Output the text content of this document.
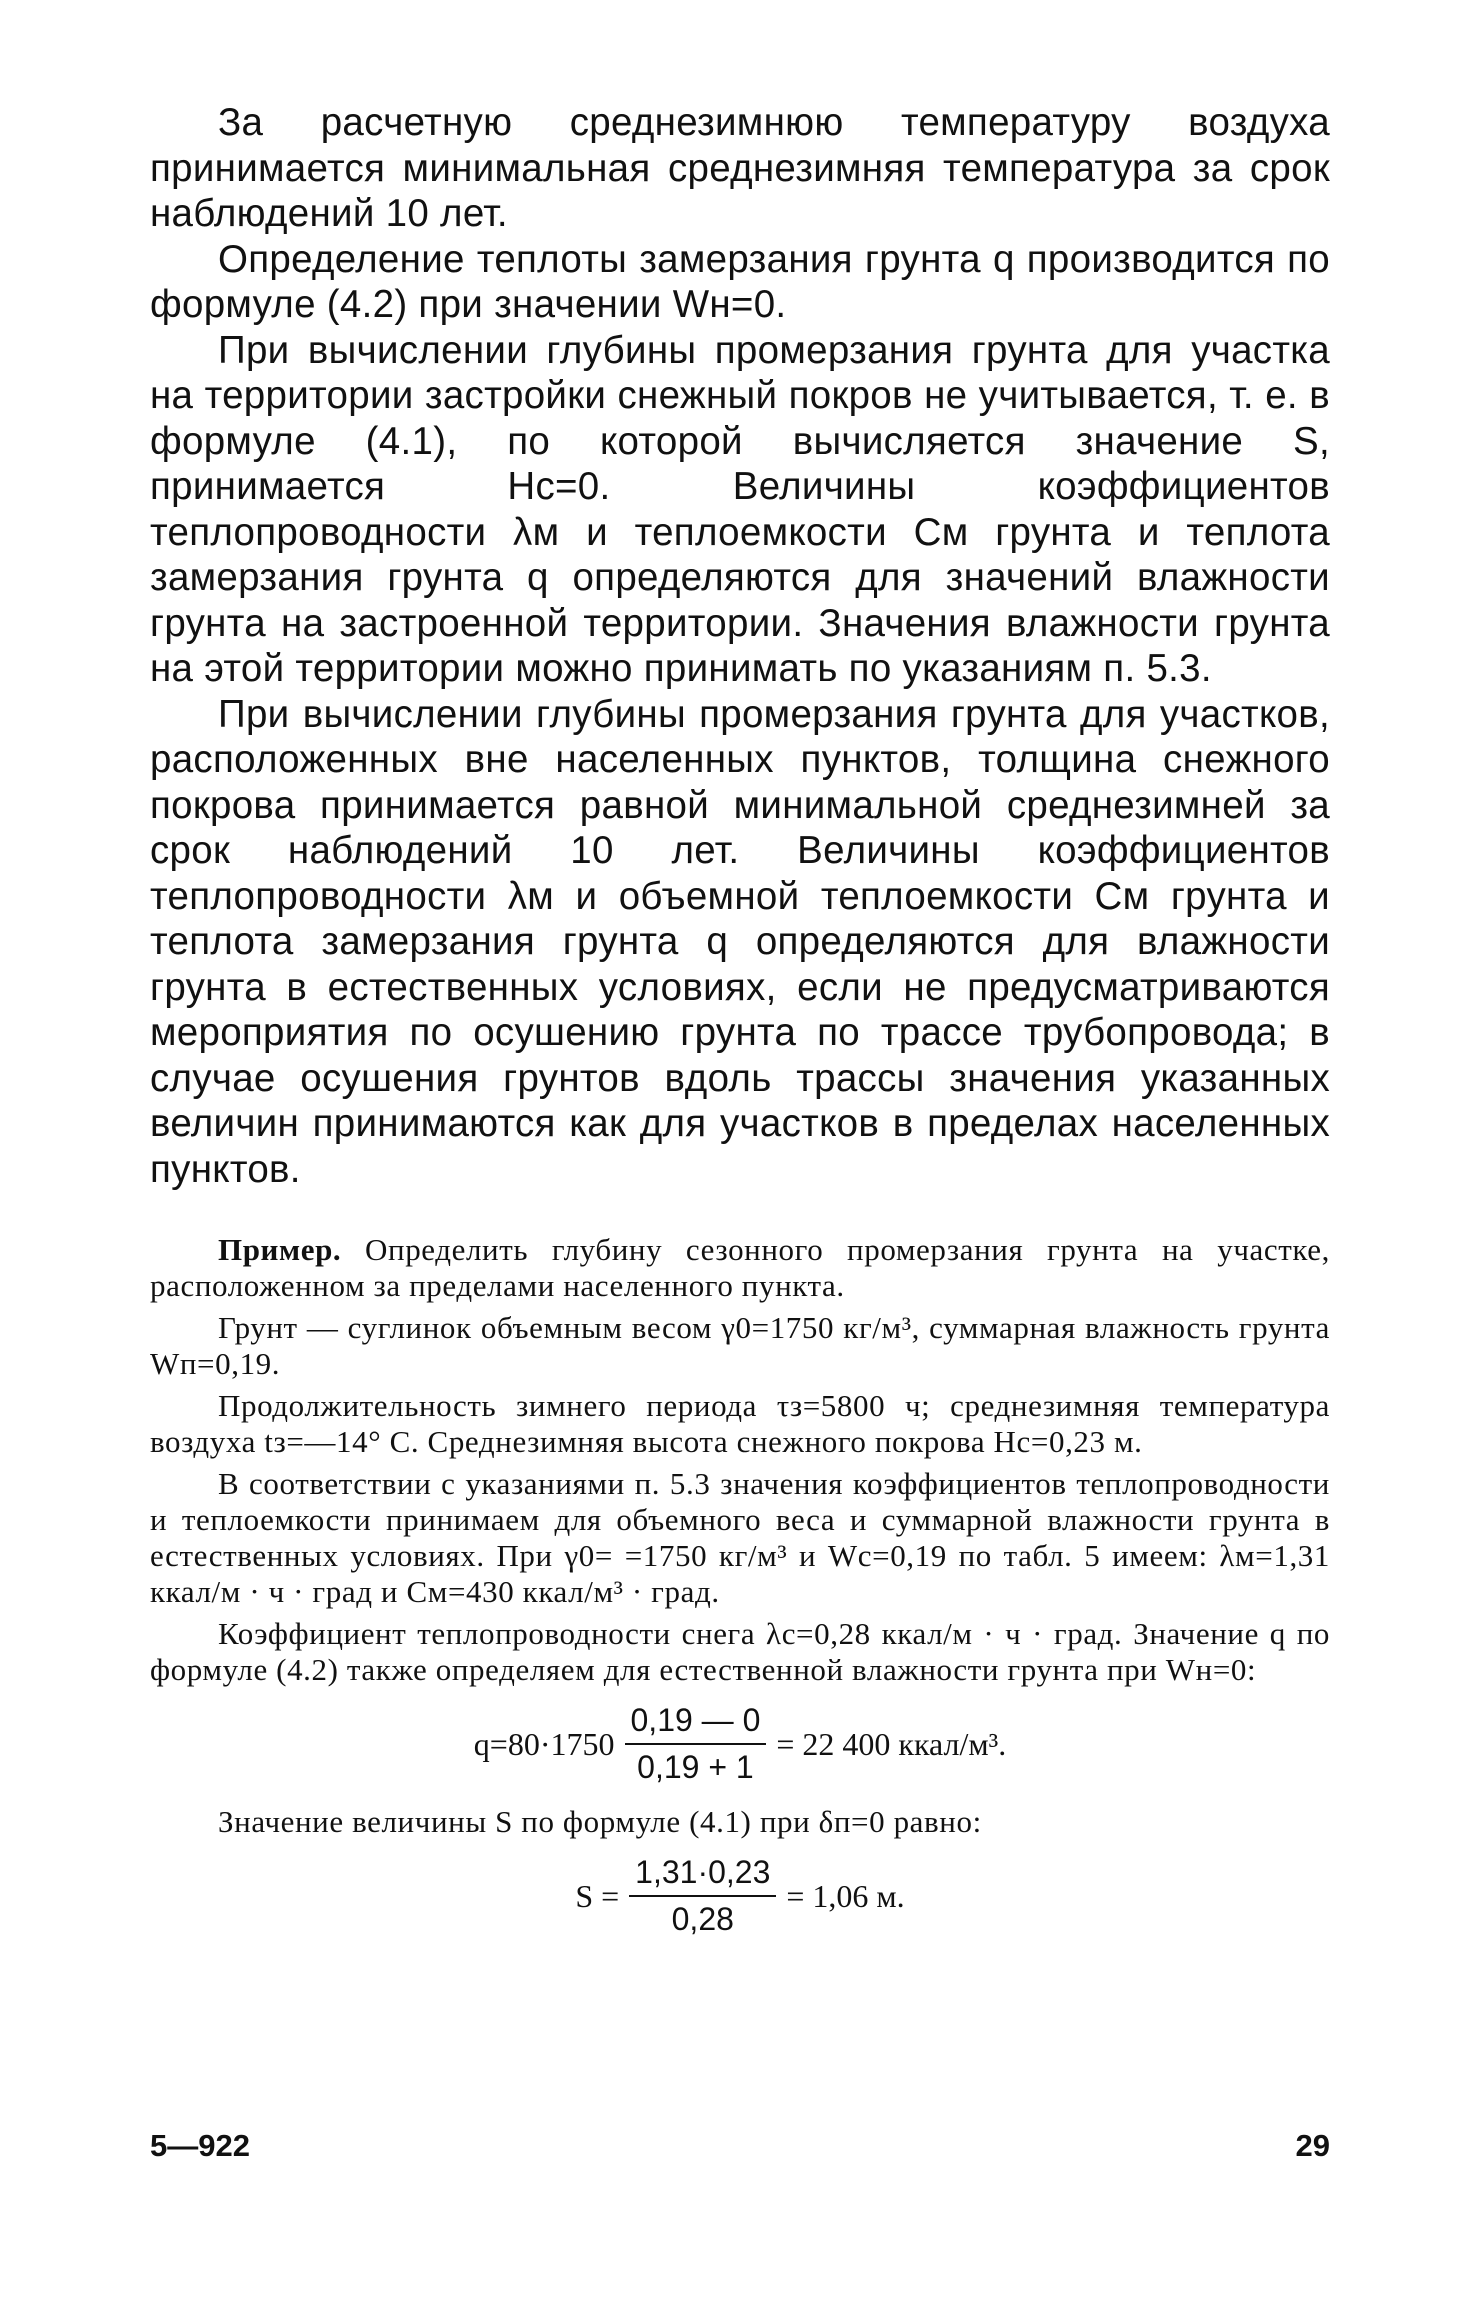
За расчетную среднезимнюю температуру воздуха принимается минимальная среднезимняя температура за срок наблюдений 10 лет.

Определение теплоты замерзания грунта q производится по формуле (4.2) при значении Wн=0.

При вычислении глубины промерзания грунта для участка на территории застройки снежный покров не учитывается, т. е. в формуле (4.1), по которой вычисляется значение S, принимается Нс=0. Величины коэффициентов теплопроводности λм и теплоемкости См грунта и теплота замерзания грунта q определяются для значений влажности грунта на застроенной территории. Значения влажности грунта на этой территории можно принимать по указаниям п. 5.3.

При вычислении глубины промерзания грунта для участков, расположенных вне населенных пунктов, толщина снежного покрова принимается равной минимальной среднезимней за срок наблюдений 10 лет. Величины коэффициентов теплопроводности λм и объемной теплоемкости См грунта и теплота замерзания грунта q определяются для влажности грунта в естественных условиях, если не предусматриваются мероприятия по осушению грунта по трассе трубопровода; в случае осушения грунтов вдоль трассы значения указанных величин принимаются как для участков в пределах населенных пунктов.

Пример. Определить глубину сезонного промерзания грунта на участке, расположенном за пределами населенного пункта.

Грунт — суглинок объемным весом γ0=1750 кг/м³, суммарная влажность грунта Wп=0,19.

Продолжительность зимнего периода τз=5800 ч; среднезимняя температура воздуха tз=—14° С. Среднезимняя высота снежного покрова Нс=0,23 м.

В соответствии с указаниями п. 5.3 значения коэффициентов теплопроводности и теплоемкости принимаем для объемного веса и суммарной влажности грунта в естественных условиях. При γ0= =1750 кг/м³ и Wс=0,19 по табл. 5 имеем: λм=1,31 ккал/м · ч · град и См=430 ккал/м³ · град.

Коэффициент теплопроводности снега λс=0,28 ккал/м · ч · град. Значение q по формуле (4.2) также определяем для естественной влажности грунта при Wн=0:

$q=80\cdot 1750 \frac{0,19 — 0}{0,19 + 1} = 22$ 400 ккал/м³.

Значение величины S по формуле (4.1) при δп=0 равно:

$S = \frac{1,31\cdot 0,23}{0,28} = 1,06$ м.
5—922	29
